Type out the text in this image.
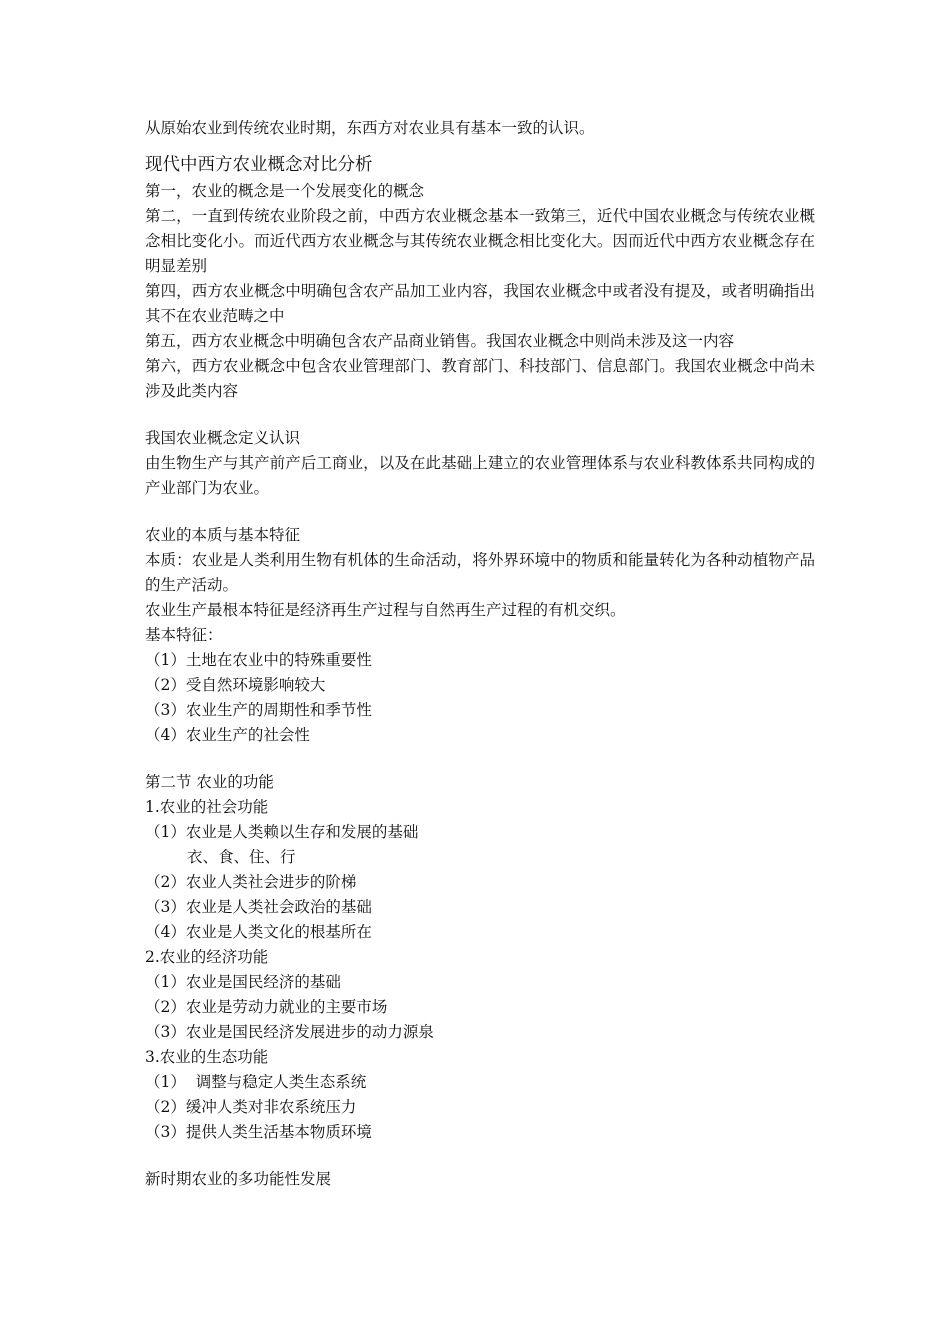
从原始农业到传统农业时期，东西方对农业具有基本一致的认识。
现代中西方农业概念对比分析
第一，农业的概念是一个发展变化的概念
第二，一直到传统农业阶段之前，中西方农业概念基本一致第三，近代中国农业概念与传统农业概念相比变化小。而近代西方农业概念与其传统农业概念相比变化大。因而近代中西方农业概念存在明显差别
第四，西方农业概念中明确包含农产品加工业内容，我国农业概念中或者没有提及，或者明确指出其不在农业范畴之中
第五，西方农业概念中明确包含农产品商业销售。我国农业概念中则尚未涉及这一内容
第六，西方农业概念中包含农业管理部门、教育部门、科技部门、信息部门。我国农业概念中尚未涉及此类内容
我国农业概念定义认识
由生物生产与其产前产后工商业，以及在此基础上建立的农业管理体系与农业科教体系共同构成的产业部门为农业。
农业的本质与基本特征
本质：农业是人类利用生物有机体的生命活动，将外界环境中的物质和能量转化为各种动植物产品的生产活动。
农业生产最根本特征是经济再生产过程与自然再生产过程的有机交织。
基本特征：
（1）土地在农业中的特殊重要性
（2）受自然环境影响较大
（3）农业生产的周期性和季节性
（4）农业生产的社会性
第二节 农业的功能
1.农业的社会功能
（1）农业是人类赖以生存和发展的基础
衣、食、住、行
（2）农业人类社会进步的阶梯
（3）农业是人类社会政治的基础
（4）农业是人类文化的根基所在
2.农业的经济功能
（1）农业是国民经济的基础
（2）农业是劳动力就业的主要市场
（3）农业是国民经济发展进步的动力源泉
3.农业的生态功能
（1）  调整与稳定人类生态系统
（2）缓冲人类对非农系统压力
（3）提供人类生活基本物质环境
新时期农业的多功能性发展
